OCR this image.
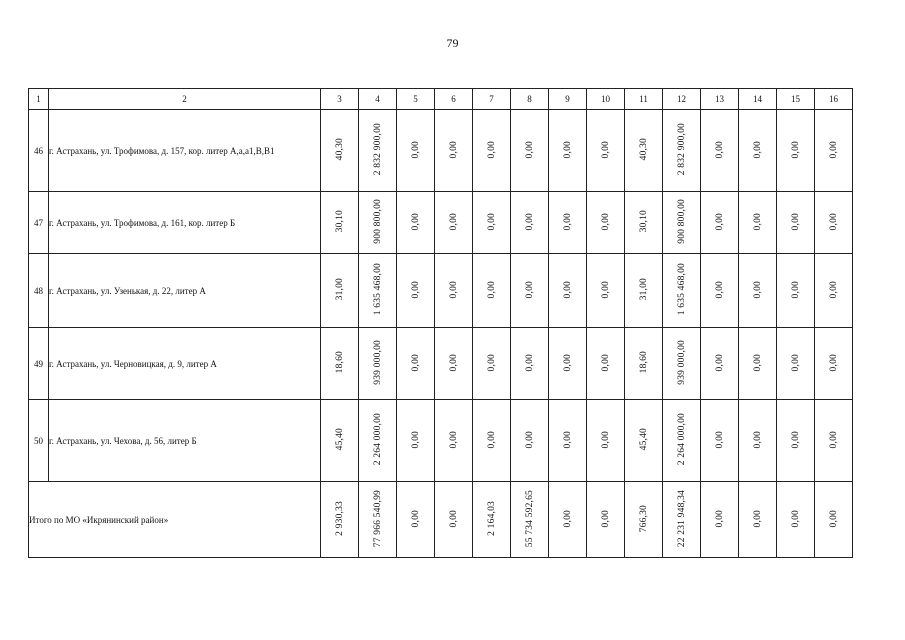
79
1	2	3	4	5	6	7	8	9	10	11	12	13	14	15	16
46	г. Астрахань, ул. Трофимова, д. 157, кор. литер А,а,а1,В,В1	40,30	2 832 900,00	0,00	0,00	0,00	0,00	0,00	0,00	40,30	2 832 900,00	0,00	0,00	0,00	0,00
47	г. Астрахань, ул. Трофимова, д. 161, кор. литер Б	30,10	900 800,00	0,00	0,00	0,00	0,00	0,00	0,00	30,10	900 800,00	0,00	0,00	0,00	0,00
48	г. Астрахань, ул. Узенькая, д. 22, литер А	31,00	1 635 468,00	0,00	0,00	0,00	0,00	0,00	0,00	31,00	1 635 468,00	0,00	0,00	0,00	0,00
49	г. Астрахань, ул. Черновицкая, д. 9, литер А	18,60	939 000,00	0,00	0,00	0,00	0,00	0,00	0,00	18,60	939 000,00	0,00	0,00	0,00	0,00
50	г. Астрахань, ул. Чехова, д. 56, литер Б	45,40	2 264 000,00	0,00	0,00	0,00	0,00	0,00	0,00	45,40	2 264 000,00	0,00	0,00	0,00	0,00
Итого по МО «Икрянинский район»		2 930,33	77 966 540,99	0,00	0,00	2 164,03	55 734 592,65	0,00	0,00	766,30	22 231 948,34	0,00	0,00	0,00	0,00
